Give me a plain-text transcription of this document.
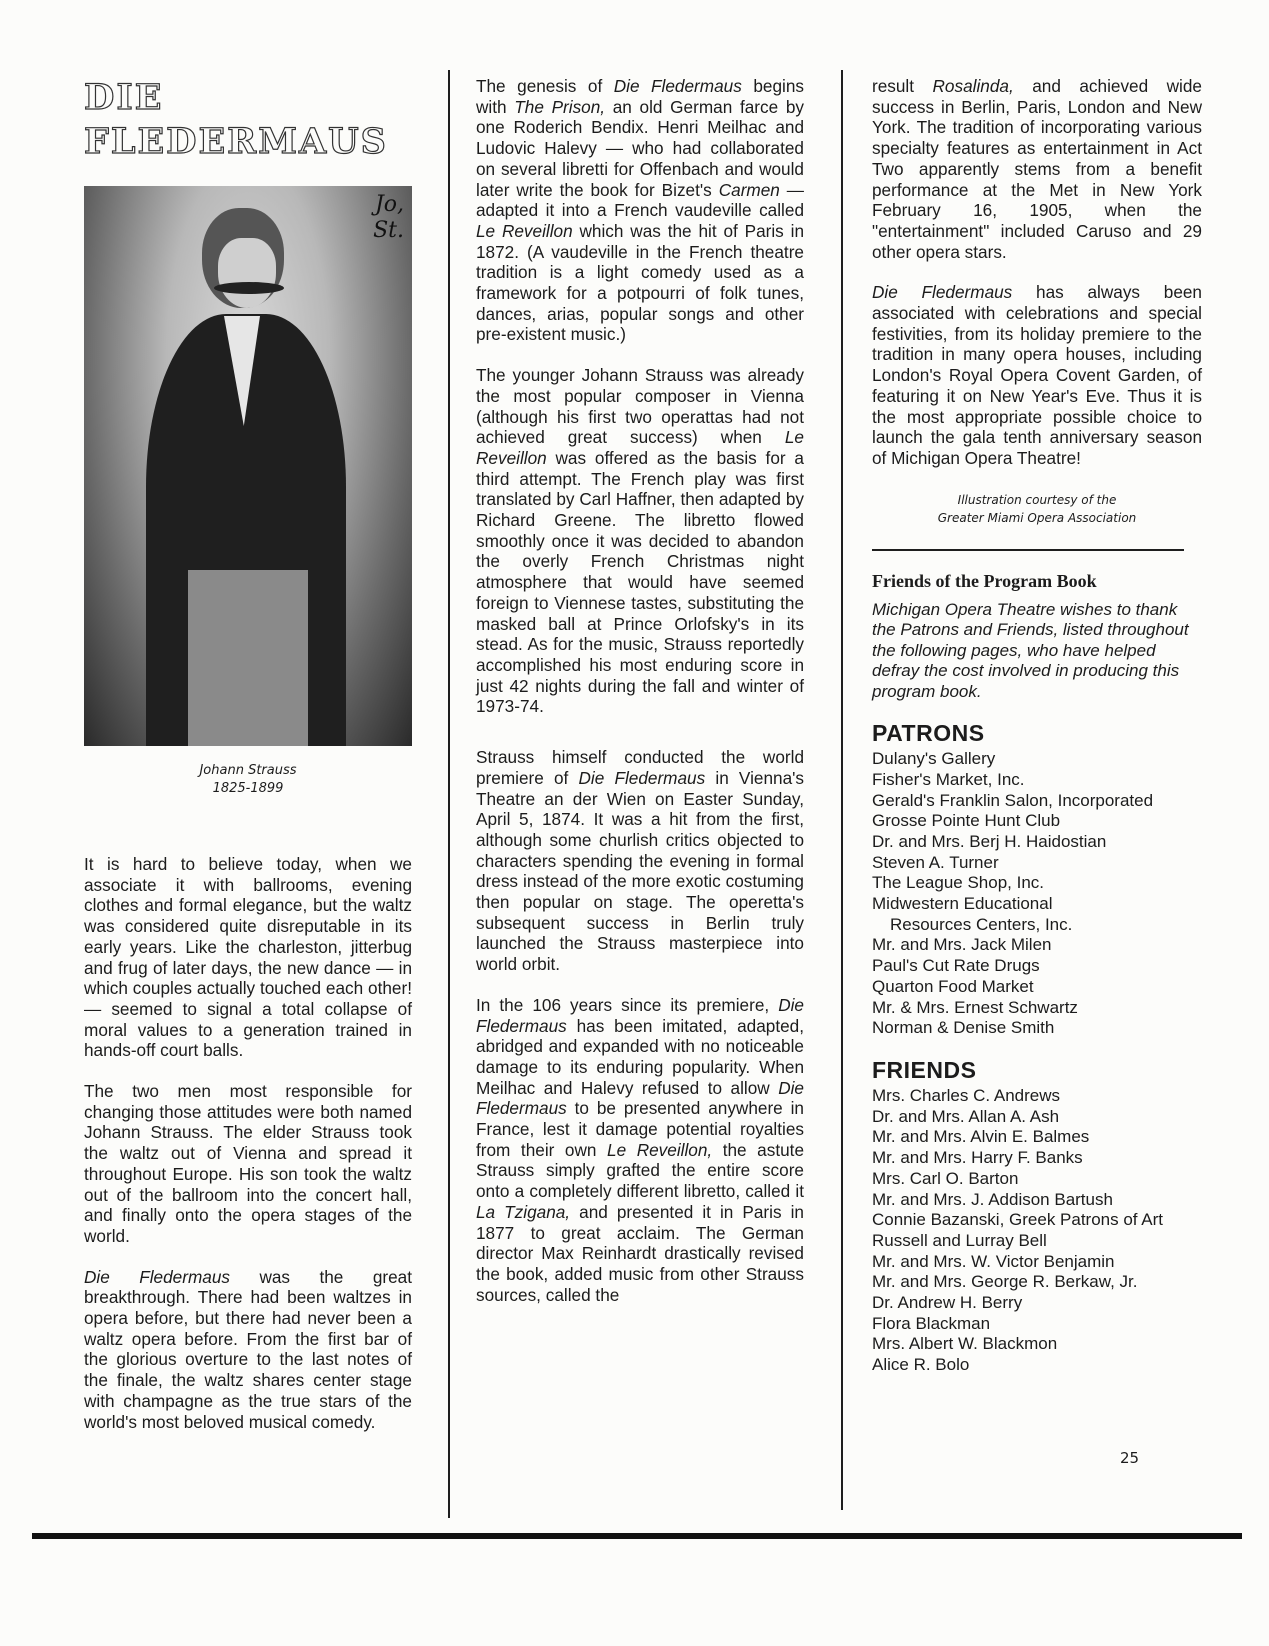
DIE
FLEDERMAUS
Jo,
St.

Johann Strauss
1825-1899

It is hard to believe today, when we associate it with ballrooms, evening clothes and formal elegance, but the waltz was considered quite disreputable in its early years. Like the charleston, jitterbug and frug of later days, the new dance — in which couples actually touched each other! — seemed to signal a total collapse of moral values to a generation trained in hands-off court balls.

The two men most responsible for changing those attitudes were both named Johann Strauss. The elder Strauss took the waltz out of Vienna and spread it throughout Europe. His son took the waltz out of the ballroom into the concert hall, and finally onto the opera stages of the world.

Die Fledermaus was the great breakthrough. There had been waltzes in opera before, but there had never been a waltz opera before. From the first bar of the glorious overture to the last notes of the finale, the waltz shares center stage with champagne as the true stars of the world's most beloved musical comedy.

The genesis of Die Fledermaus begins with The Prison, an old German farce by one Roderich Bendix. Henri Meilhac and Ludovic Halevy — who had collaborated on several libretti for Offenbach and would later write the book for Bizet's Carmen — adapted it into a French vaudeville called Le Reveillon which was the hit of Paris in 1872. (A vaudeville in the French theatre tradition is a light comedy used as a framework for a potpourri of folk tunes, dances, arias, popular songs and other pre-existent music.)

The younger Johann Strauss was already the most popular composer in Vienna (although his first two operattas had not achieved great success) when Le Reveillon was offered as the basis for a third attempt. The French play was first translated by Carl Haffner, then adapted by Richard Greene. The libretto flowed smoothly once it was decided to abandon the overly French Christmas night atmosphere that would have seemed foreign to Viennese tastes, substituting the masked ball at Prince Orlofsky's in its stead. As for the music, Strauss reportedly accomplished his most enduring score in just 42 nights during the fall and winter of 1973-74.

Strauss himself conducted the world premiere of Die Fledermaus in Vienna's Theatre an der Wien on Easter Sunday, April 5, 1874. It was a hit from the first, although some churlish critics objected to characters spending the evening in formal dress instead of the more exotic costuming then popular on stage. The operetta's subsequent success in Berlin truly launched the Strauss masterpiece into world orbit.

In the 106 years since its premiere, Die Fledermaus has been imitated, adapted, abridged and expanded with no noticeable damage to its enduring popularity. When Meilhac and Halevy refused to allow Die Fledermaus to be presented anywhere in France, lest it damage potential royalties from their own Le Reveillon, the astute Strauss simply grafted the entire score onto a completely different libretto, called it La Tzigana, and presented it in Paris in 1877 to great acclaim. The German director Max Reinhardt drastically revised the book, added music from other Strauss sources, called the

result Rosalinda, and achieved wide success in Berlin, Paris, London and New York. The tradition of incorporating various specialty features as entertainment in Act Two apparently stems from a benefit performance at the Met in New York February 16, 1905, when the "entertainment" included Caruso and 29 other opera stars.

Die Fledermaus has always been associated with celebrations and special festivities, from its holiday premiere to the tradition in many opera houses, including London's Royal Opera Covent Garden, of featuring it on New Year's Eve. Thus it is the most appropriate possible choice to launch the gala tenth anniversary season of Michigan Opera Theatre!

Illustration courtesy of the
Greater Miami Opera Association

Friends of the Program Book

Michigan Opera Theatre wishes to thank the Patrons and Friends, listed throughout the following pages, who have helped defray the cost involved in producing this program book.

PATRONS
Dulany's Gallery
Fisher's Market, Inc.
Gerald's Franklin Salon, Incorporated
Grosse Pointe Hunt Club
Dr. and Mrs. Berj H. Haidostian
Steven A. Turner
The League Shop, Inc.
Midwestern Educational
Resources Centers, Inc.
Mr. and Mrs. Jack Milen
Paul's Cut Rate Drugs
Quarton Food Market
Mr. & Mrs. Ernest Schwartz
Norman & Denise Smith
FRIENDS
Mrs. Charles C. Andrews
Dr. and Mrs. Allan A. Ash
Mr. and Mrs. Alvin E. Balmes
Mr. and Mrs. Harry F. Banks
Mrs. Carl O. Barton
Mr. and Mrs. J. Addison Bartush
Connie Bazanski, Greek Patrons of Art
Russell and Lurray Bell
Mr. and Mrs. W. Victor Benjamin
Mr. and Mrs. George R. Berkaw, Jr.
Dr. Andrew H. Berry
Flora Blackman
Mrs. Albert W. Blackmon
Alice R. Bolo
25
